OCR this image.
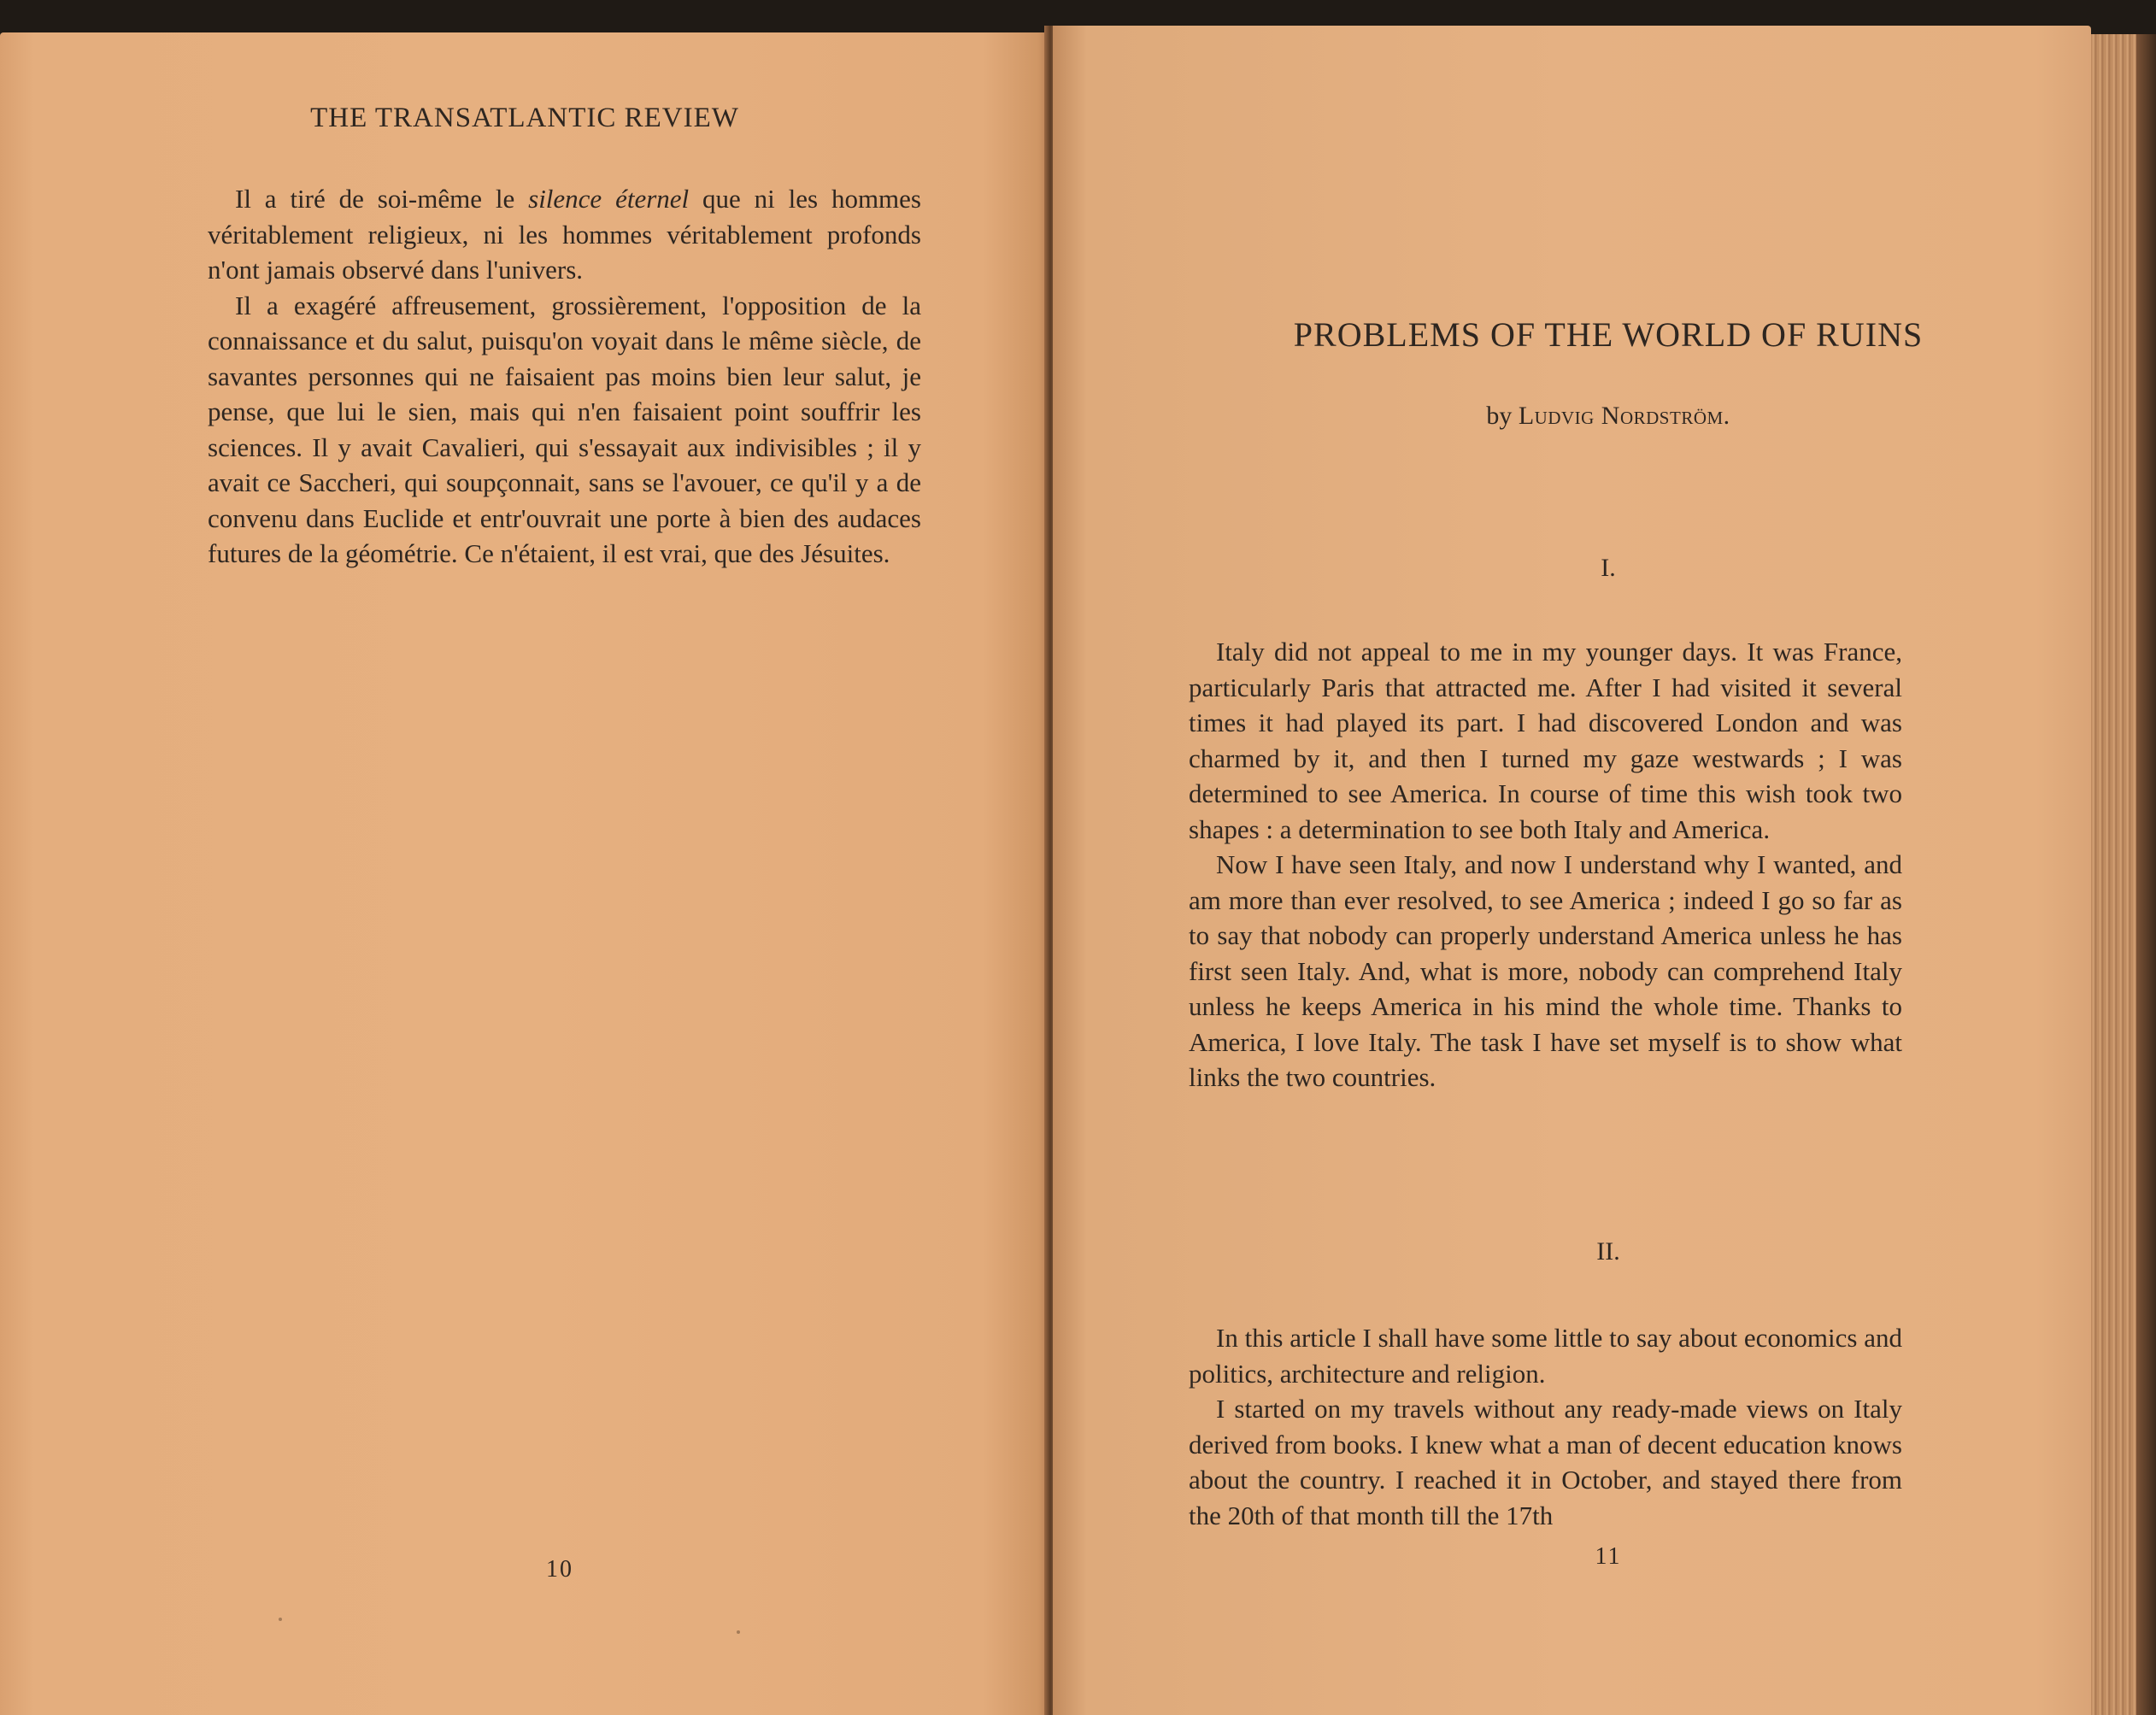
THE TRANSATLANTIC REVIEW

Il a tiré de soi-même le silence éternel que ni les hommes véritablement religieux, ni les hommes véritablement profonds n'ont jamais observé dans l'univers.

Il a exagéré affreusement, grossièrement, l'opposition de la connaissance et du salut, puisqu'on voyait dans le même siècle, de savantes personnes qui ne faisaient pas moins bien leur salut, je pense, que lui le sien, mais qui n'en faisaient point souffrir les sciences. Il y avait Cavalieri, qui s'essayait aux indivisibles ; il y avait ce Saccheri, qui soupçonnait, sans se l'avouer, ce qu'il y a de convenu dans Euclide et entr'ouvrait une porte à bien des audaces futures de la géométrie. Ce n'étaient, il est vrai, que des Jésuites.

10
PROBLEMS OF THE WORLD OF RUINS
by Ludvig Nordström.
I.

Italy did not appeal to me in my younger days. It was France, particularly Paris that attracted me. After I had visited it several times it had played its part. I had discovered London and was charmed by it, and then I turned my gaze westwards ; I was determined to see America. In course of time this wish took two shapes : a determination to see both Italy and America.

Now I have seen Italy, and now I understand why I wanted, and am more than ever resolved, to see America ; indeed I go so far as to say that nobody can properly understand America unless he has first seen Italy. And, what is more, nobody can comprehend Italy unless he keeps America in his mind the whole time. Thanks to America, I love Italy. The task I have set myself is to show what links the two countries.

II.

In this article I shall have some little to say about economics and politics, architecture and religion.

I started on my travels without any ready-made views on Italy derived from books. I knew what a man of decent education knows about the country. I reached it in October, and stayed there from the 20th of that month till the 17th

11
